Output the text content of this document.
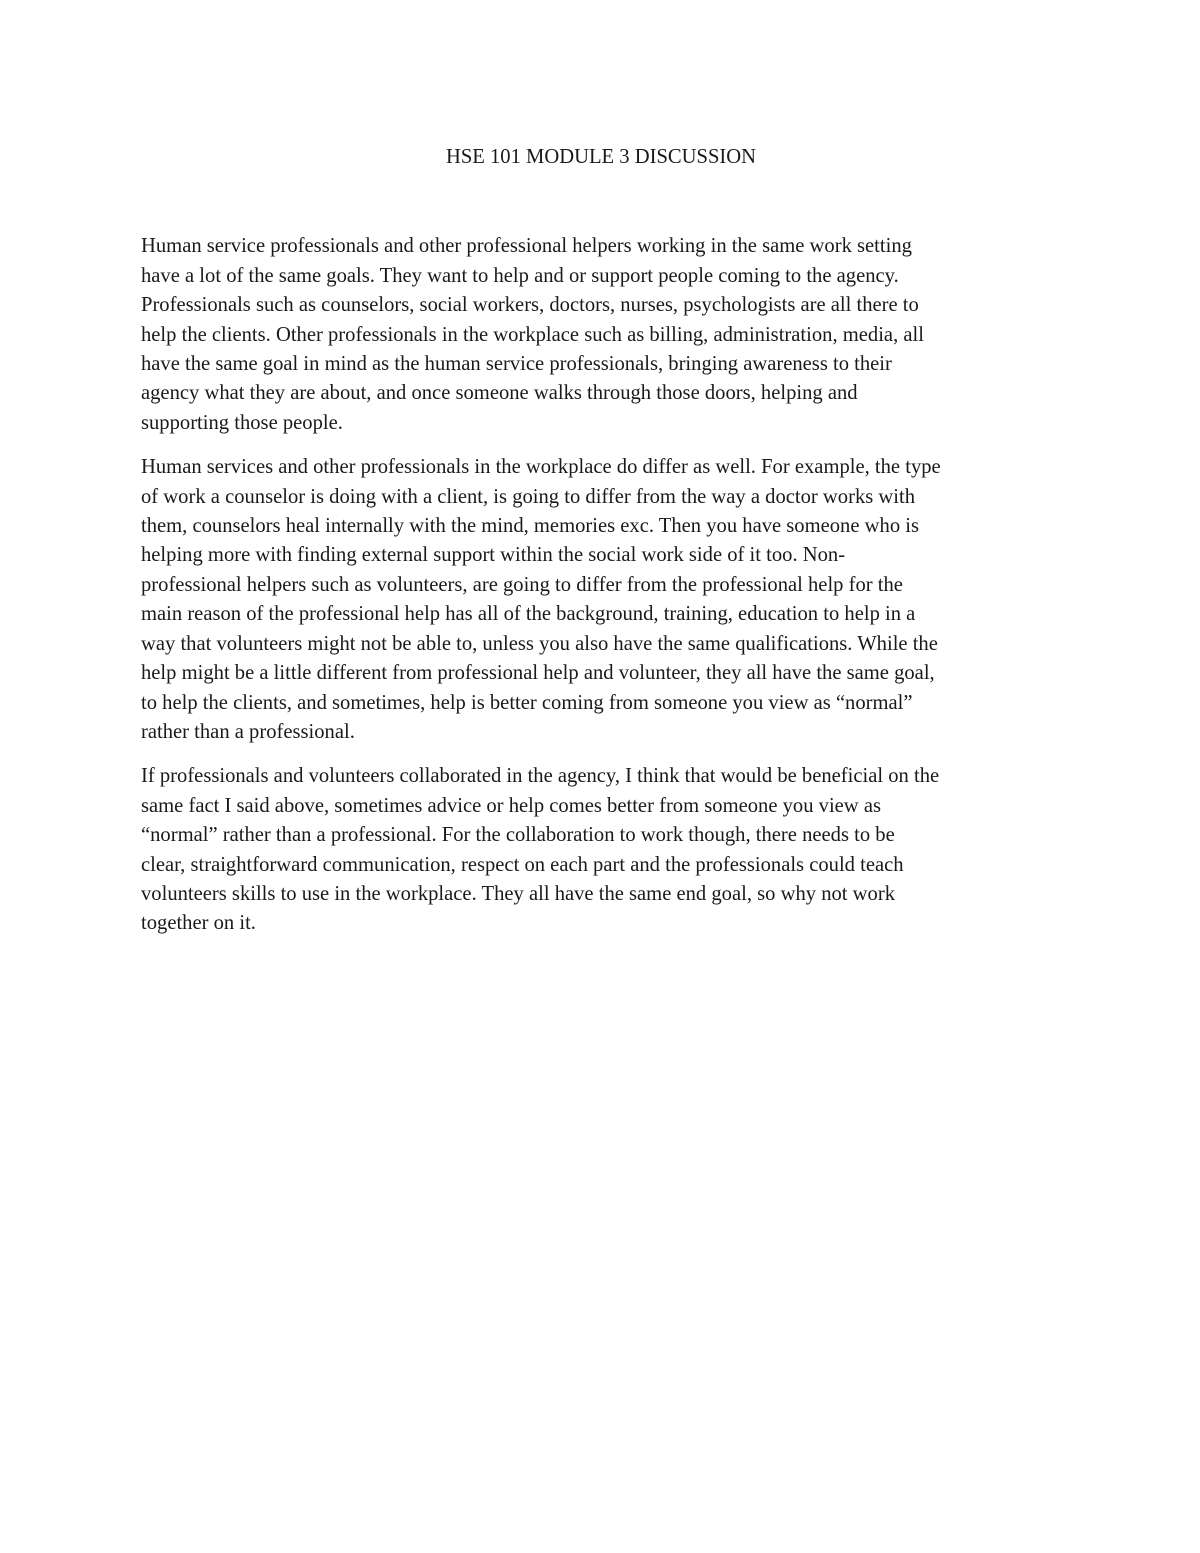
HSE 101 MODULE 3 DISCUSSION
Human service professionals and other professional helpers working in the same work setting
have a lot of the same goals. They want to help and or support people coming to the agency.
Professionals such as counselors, social workers, doctors, nurses, psychologists are all there to
help the clients. Other professionals in the workplace such as billing, administration, media, all
have the same goal in mind as the human service professionals, bringing awareness to their
agency what they are about, and once someone walks through those doors, helping and
supporting those people.
Human services and other professionals in the workplace do differ as well. For example, the type
of work a counselor is doing with a client, is going to differ from the way a doctor works with
them, counselors heal internally with the mind, memories exc. Then you have someone who is
helping more with finding external support within the social work side of it too. Non-
professional helpers such as volunteers, are going to differ from the professional help for the
main reason of the professional help has all of the background, training, education to help in a
way that volunteers might not be able to, unless you also have the same qualifications. While the
help might be a little different from professional help and volunteer, they all have the same goal,
to help the clients, and sometimes, help is better coming from someone you view as “normal”
rather than a professional.
If professionals and volunteers collaborated in the agency, I think that would be beneficial on the
same fact I said above, sometimes advice or help comes better from someone you view as
“normal” rather than a professional. For the collaboration to work though, there needs to be
clear, straightforward communication, respect on each part and the professionals could teach
volunteers skills to use in the workplace. They all have the same end goal, so why not work
together on it.
